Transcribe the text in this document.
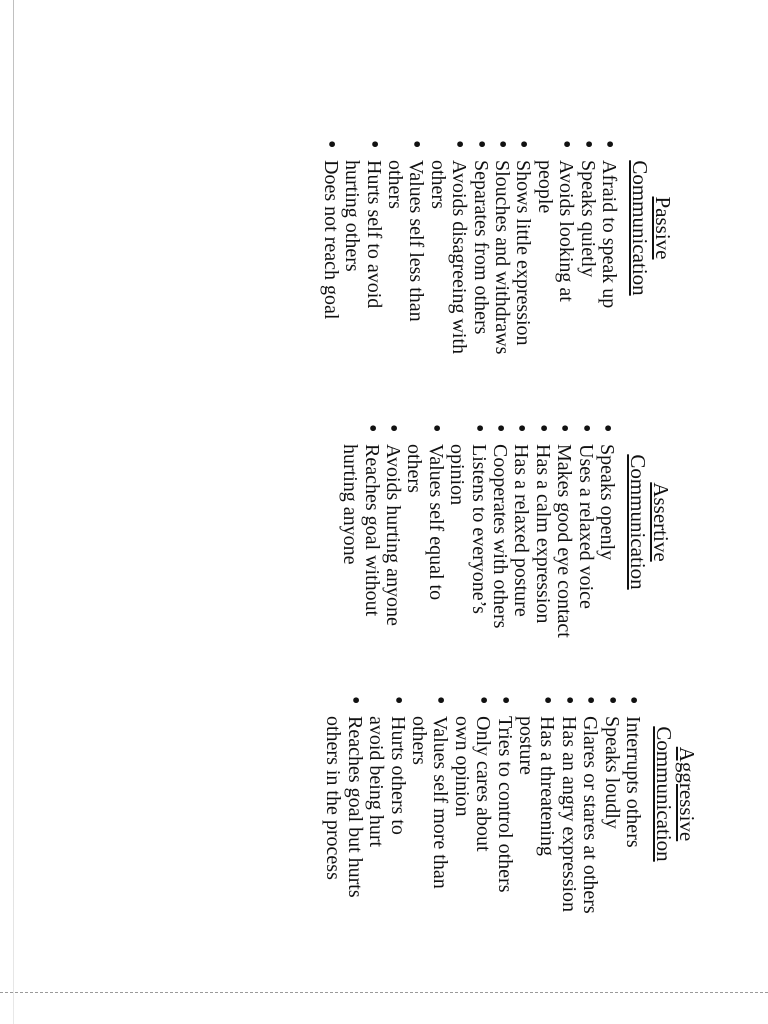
Passive
Communication
• Afraid to speak up
• Speaks quietly
• Avoids looking at people
• Shows little expression
• Slouches and withdraws
• Separates from others
• Avoids disagreeing with others
• Values self less than others
• Hurts self to avoid hurting others
• Does not reach goal
Assertive
Communication
• Speaks openly
• Uses a relaxed voice
• Makes good eye contact
• Has a calm expression
• Has a relaxed posture
• Cooperates with others
• Listens to everyone’s opinion
• Values self equal to others
• Avoids hurting anyone
• Reaches goal without hurting anyone
Aggressive
Communication
• Interrupts others
• Speaks loudly
• Glares or stares at others
• Has an angry expression
• Has a threatening posture
• Tries to control others
• Only cares about own opinion
• Values self more than others
• Hurts others to avoid being hurt
• Reaches goal but hurts others in the process
